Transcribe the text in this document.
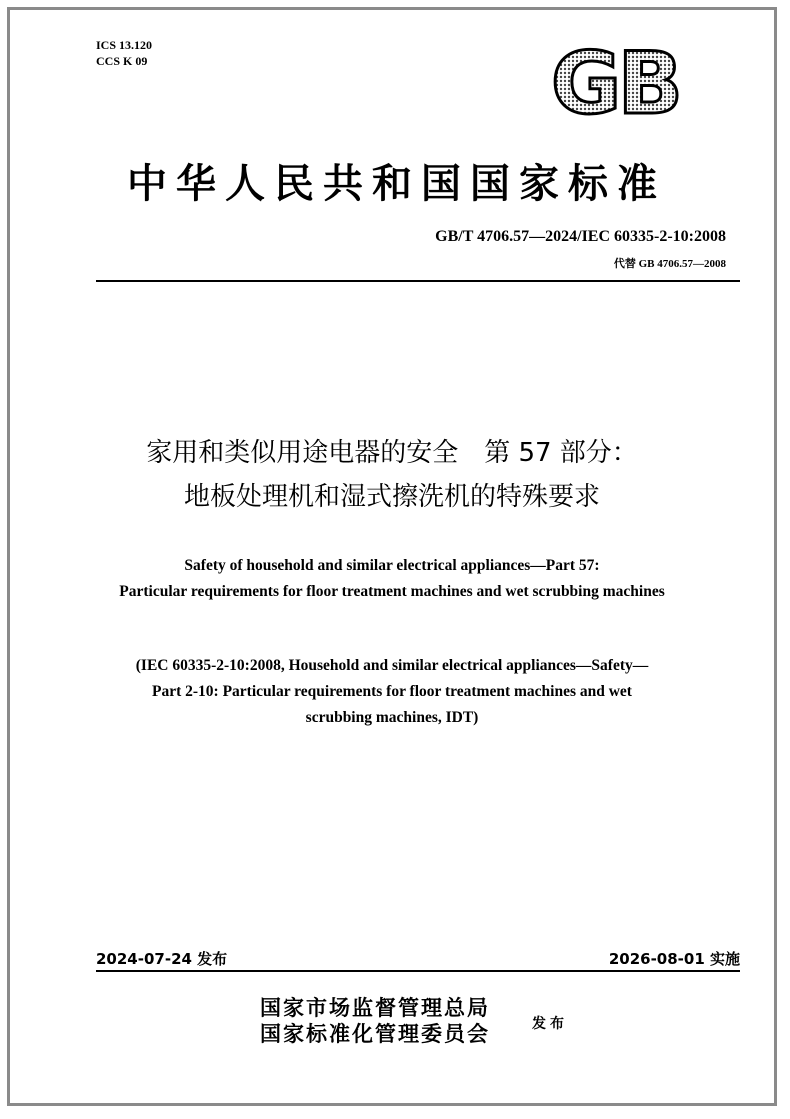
ICS 13.120
CCS K 09	GB
中华人民共和国国家标准
GB/T 4706.57—2024/IEC 60335-2-10:2008
代替 GB 4706.57—2008
家用和类似用途电器的安全　第 57 部分：
地板处理机和湿式擦洗机的特殊要求
Safety of household and similar electrical appliances—Part 57:
Particular requirements for floor treatment machines and wet scrubbing machines
(IEC 60335-2-10:2008, Household and similar electrical appliances—Safety—
Part 2-10: Particular requirements for floor treatment machines and wet
scrubbing machines, IDT)
2024-07-24 发布	2026-08-01 实施
国家市场监督管理总局
国家标准化管理委员会	发布
